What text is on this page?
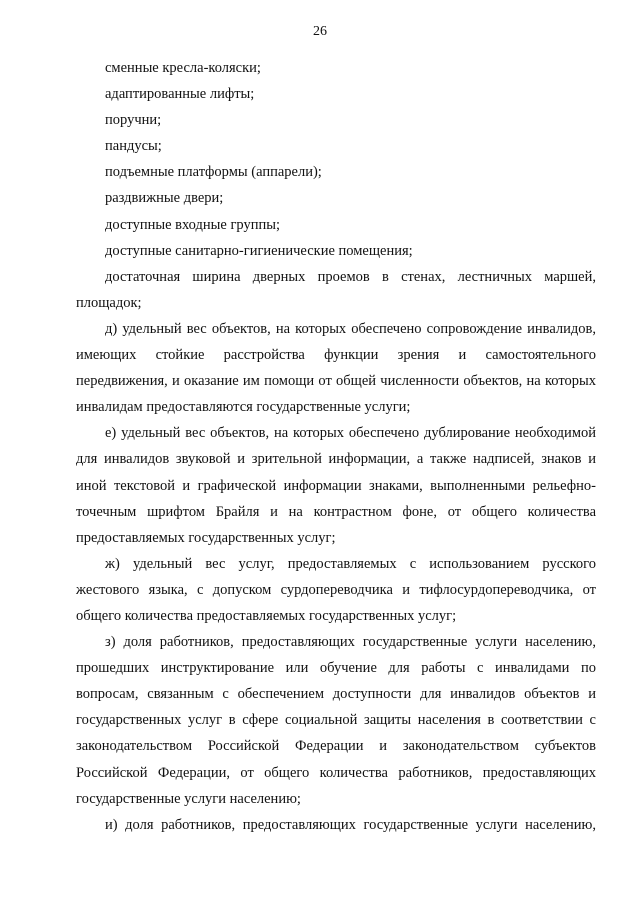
26

сменные кресла-коляски;

адаптированные лифты;

поручни;

пандусы;

подъемные платформы (аппарели);

раздвижные двери;

доступные входные группы;

доступные санитарно-гигиенические помещения;

достаточная ширина дверных проемов в стенах, лестничных маршей, площадок;

д) удельный вес объектов, на которых обеспечено сопровождение инвалидов, имеющих стойкие расстройства функции зрения и самостоятельного передвижения, и оказание им помощи от общей численности объектов, на которых инвалидам предоставляются государственные услуги;

е) удельный вес объектов, на которых обеспечено дублирование необходимой для инвалидов звуковой и зрительной информации, а также надписей, знаков и иной текстовой и графической информации знаками, выполненными рельефно-точечным шрифтом Брайля и на контрастном фоне, от общего количества предоставляемых государственных услуг;

ж) удельный вес услуг, предоставляемых с использованием русского жестового языка, с допуском сурдопереводчика и тифлосурдопереводчика, от общего количества предоставляемых государственных услуг;

з) доля работников, предоставляющих государственные услуги населению, прошедших инструктирование или обучение для работы с инвалидами по вопросам, связанным с обеспечением доступности для инвалидов объектов и государственных услуг в сфере социальной защиты населения в соответствии с законодательством Российской Федерации и законодательством субъектов Российской Федерации, от общего количества работников, предоставляющих государственные услуги населению;

и) доля работников, предоставляющих государственные услуги населению,
